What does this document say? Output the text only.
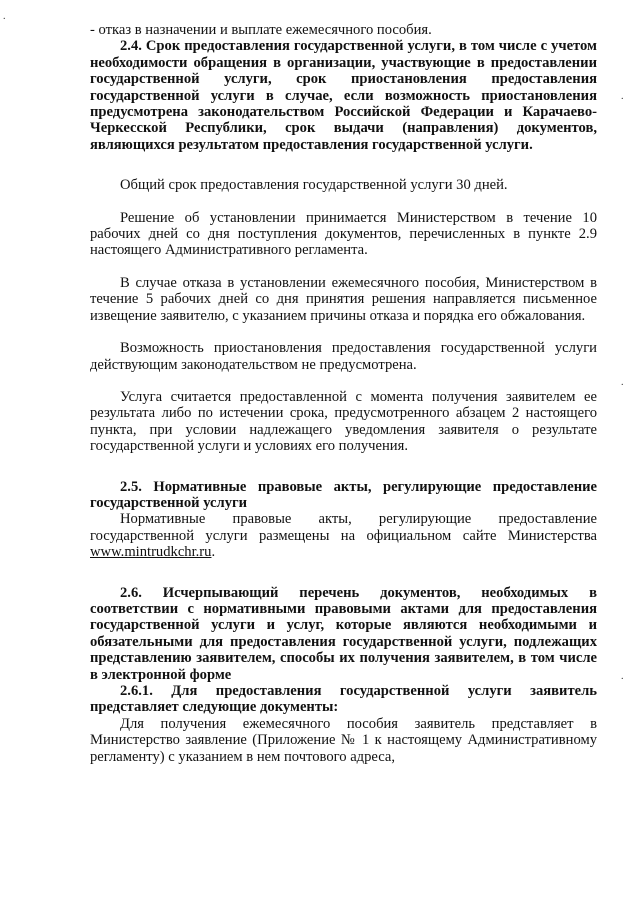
.
.
.
.

- отказ в назначении и выплате ежемесячного пособия.

2.4. Срок предоставления государственной услуги, в том числе с учетом необходимости обращения в организации, участвующие в предоставлении государственной услуги, срок приостановления предоставления государственной услуги в случае, если возможность приостановления предусмотрена законодательством Российской Федерации и Карачаево-Черкесской Республики, срок выдачи (направления) документов, являющихся результатом предоставления государственной услуги.

Общий срок предоставления государственной услуги 30 дней.

Решение об установлении принимается Министерством в течение 10 рабочих дней со дня поступления документов, перечисленных в пункте 2.9 настоящего Административного регламента.

В случае отказа в установлении ежемесячного пособия, Министерством в течение 5 рабочих дней со дня принятия решения направляется письменное извещение заявителю, с указанием причины отказа и порядка его обжалования.

Возможность приостановления предоставления государственной услуги действующим законодательством не предусмотрена.

Услуга считается предоставленной с момента получения заявителем ее результата либо по истечении срока, предусмотренного абзацем 2 настоящего пункта, при условии надлежащего уведомления заявителя о результате государственной услуги и условиях его получения.

2.5. Нормативные правовые акты, регулирующие предоставление государственной услуги

Нормативные правовые акты, регулирующие предоставление государственной услуги размещены на официальном сайте Министерства www.mintrudkchr.ru.

2.6. Исчерпывающий перечень документов, необходимых в соответствии с нормативными правовыми актами для предоставления государственной услуги и услуг, которые являются необходимыми и обязательными для предоставления государственной услуги, подлежащих представлению заявителем, способы их получения заявителем, в том числе в электронной форме

2.6.1. Для предоставления государственной услуги заявитель представляет следующие документы:

Для получения ежемесячного пособия заявитель представляет в Министерство заявление (Приложение № 1 к настоящему Административному регламенту) с указанием в нем почтового адреса,
